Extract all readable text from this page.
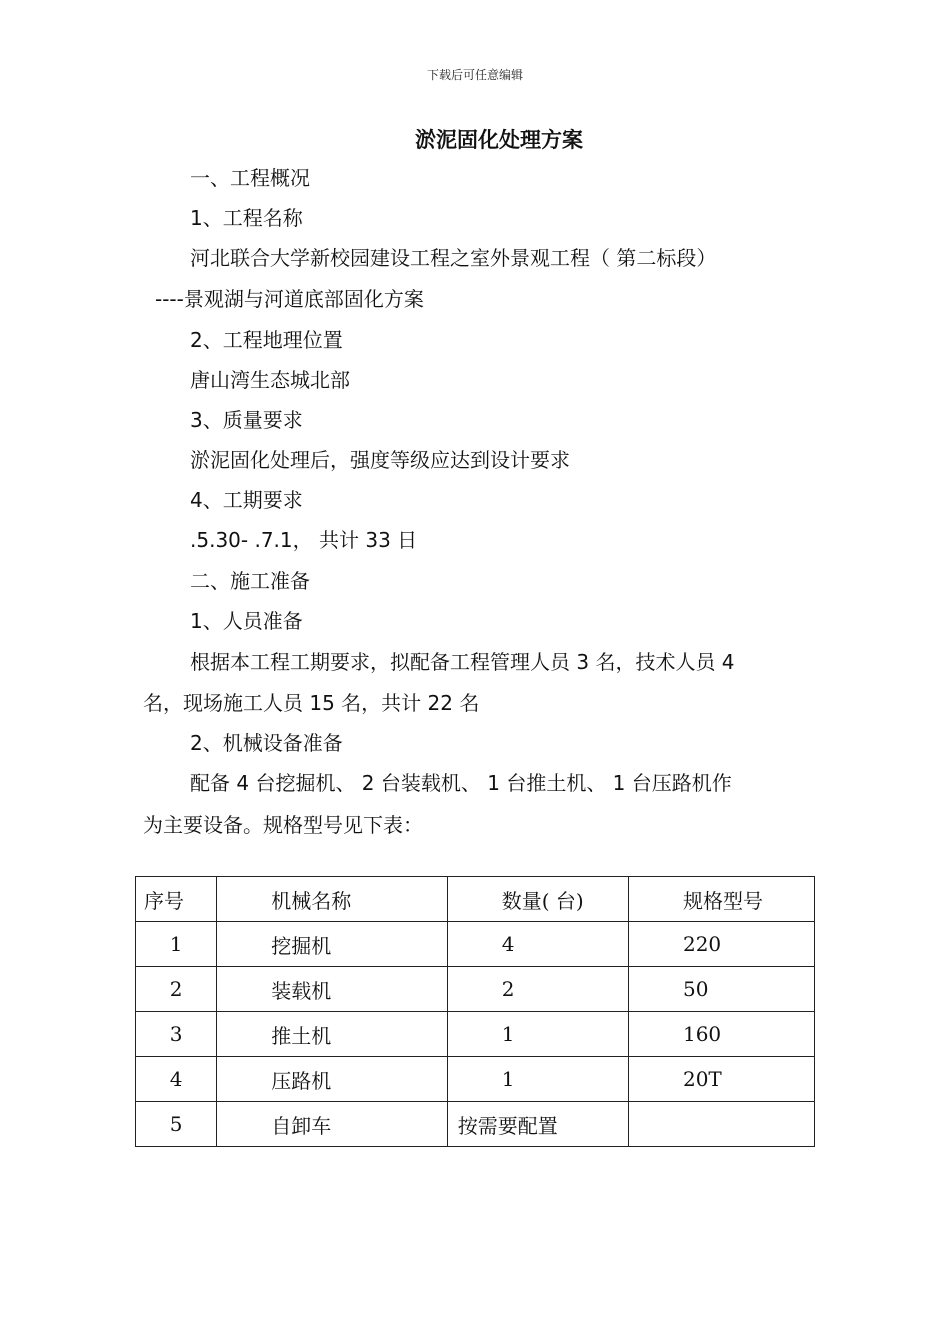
下载后可任意编辑
淤泥固化处理方案
一、工程概况
1、工程名称
河北联合大学新校园建设工程之室外景观工程（ 第二标段）
----景观湖与河道底部固化方案
2、工程地理位置
唐山湾生态城北部
3、质量要求
淤泥固化处理后，强度等级应达到设计要求
4、工期要求
.5.30- .7.1， 共计 33 日
二、施工准备
1、人员准备
根据本工程工期要求，拟配备工程管理人员 3 名，技术人员 4
名，现场施工人员 15 名，共计 22 名
2、机械设备准备
配备 4 台挖掘机、 2 台装载机、 1 台推土机、 1 台压路机作
为主要设备。规格型号见下表：
序号	机械名称	数量( 台)	规格型号
1	挖掘机	4	220
2	装载机	2	50
3	推土机	1	160
4	压路机	1	20T
5	自卸车	按需要配置	
